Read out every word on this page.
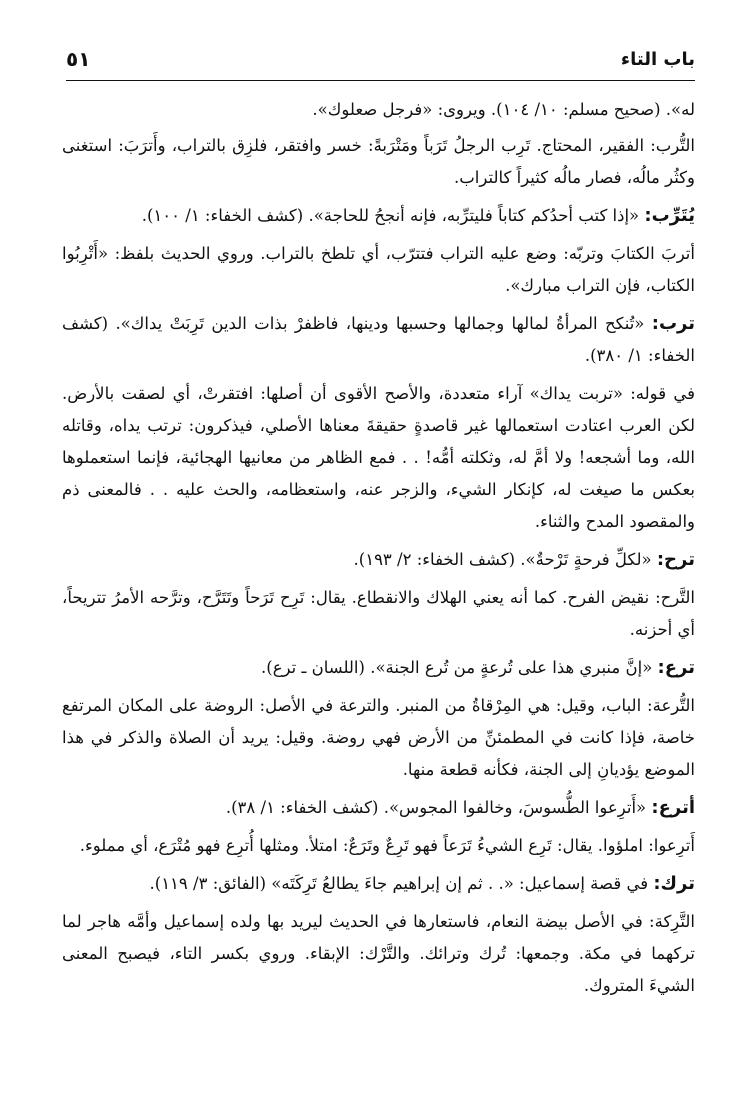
باب التاء
٥١

له». (صحيح مسلم: ١٠/ ١٠٤). ويروى: «فرجل صعلوك».

التُّرب: الفقير، المحتاج. تَرِب الرجلُ تَرَباً ومَتْرَبةً: خسر وافتقر، فلزِق بالتراب، وأَترَبَ: استغنى وكثُر مالُه، فصار مالُه كثيراً كالتراب.

يُتَرِّب: «إذا كتب أحدُكم كتاباً فليترِّبه، فإنه أنجحُ للحاجة». (كشف الخفاء: ١/ ١٠٠).

أتربَ الكتابَ وتربّه: وضع عليه التراب فتترّب، أي تلطخ بالتراب. وروي الحديث بلفظ: «أَتْرِبُوا الكتاب، فإن التراب مبارك».

ترب: «تُنكح المرأةُ لمالها وجمالها وحسبها ودينها، فاظفرْ بذات الدين تَرِبَتْ يداك». (كشف الخفاء: ١/ ٣٨٠).

في قوله: «تربت يداك» آراء متعددة، والأصح الأقوى أن أصلها: افتقرتْ، أي لصقت بالأرض. لكن العرب اعتادت استعمالها غير قاصدةٍ حقيقةَ معناها الأصلي، فيذكرون: ترتب يداه، وقاتله الله، وما أشجعه! ولا أمَّ له، وثكلته أمُّه! . . فمع الظاهر من معانيها الهجائية، فإنما استعملوها بعكس ما صيغت له، كإنكار الشيء، والزجر عنه، واستعظامه، والحث عليه . . فالمعنى ذم والمقصود المدح والثناء.

ترح: «لكلِّ فرحةٍ تَرْحةٌ». (كشف الخفاء: ٢/ ١٩٣).

التَّرح: نقيض الفرح. كما أنه يعني الهلاك والانقطاع. يقال: تَرِح تَرَحاً وتَتَرَّح، وترَّحه الأمرُ تتريحاً، أي أحزنه.

ترع: «إنَّ منبري هذا على تُرعةٍ من تُرع الجنة». (اللسان ـ ترع).

التُّرعة: الباب، وقيل: هي المِرْقاةُ من المنبر. والترعة في الأصل: الروضة على المكان المرتفع خاصة، فإذا كانت في المطمئنِّ من الأرض فهي روضة. وقيل: يريد أن الصلاة والذكر في هذا الموضع يؤديانِ إلى الجنة، فكأنه قطعة منها.

أترع: «أَترِعوا الطُّسوسَ، وخالفوا المجوس». (كشف الخفاء: ١/ ٣٨).

أَترِعوا: املؤوا. يقال: تَرِع الشيءُ تَرَعاً فهو تَرِعٌ وتَرَعٌ: امتلأ. ومثلها أُترِع فهو مُتْرَع، أي مملوء.

ترك: في قصة إسماعيل: «. . ثم إن إبراهيم جاءَ يطالعُ تَرِكَتَه» (الفائق: ٣/ ١١٩).

التَّرِكة: في الأصل بيضة النعام، فاستعارها في الحديث ليريد بها ولده إسماعيل وأمَّه هاجر لما تركهما في مكة. وجمعها: تُرك وترائك. والتَّرْك: الإبقاء. وروي بكسر التاء، فيصبح المعنى الشيءَ المتروك.
